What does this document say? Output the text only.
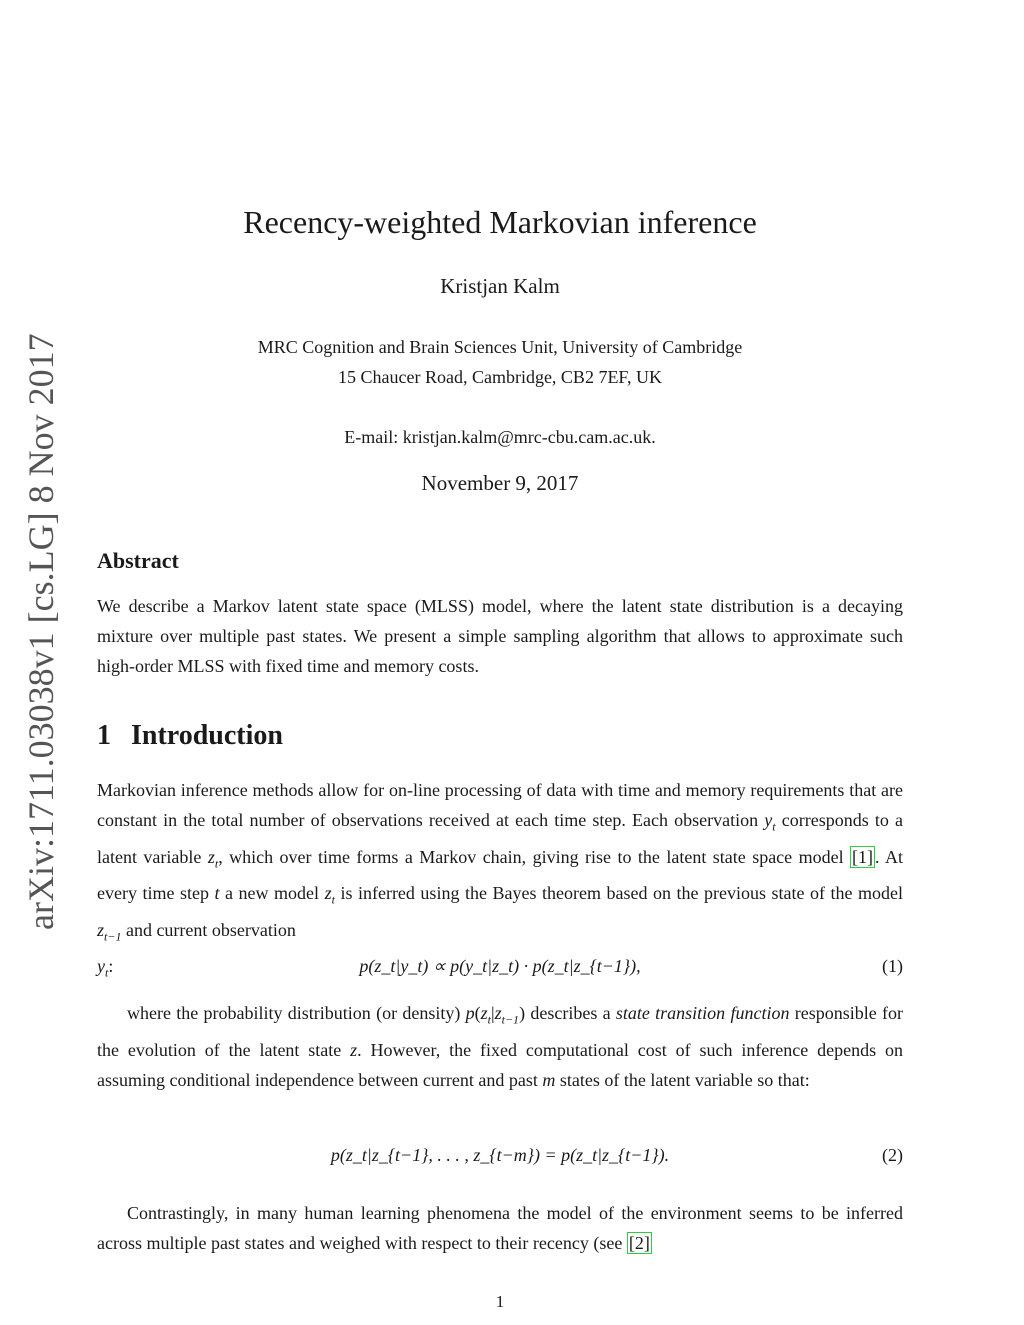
arXiv:1711.03038v1 [cs.LG] 8 Nov 2017
Recency-weighted Markovian inference
Kristjan Kalm
MRC Cognition and Brain Sciences Unit, University of Cambridge
15 Chaucer Road, Cambridge, CB2 7EF, UK
E-mail: kristjan.kalm@mrc-cbu.cam.ac.uk.
November 9, 2017
Abstract
We describe a Markov latent state space (MLSS) model, where the latent state distribution is a decaying mixture over multiple past states. We present a simple sampling algorithm that allows to approximate such high-order MLSS with fixed time and memory costs.
1 Introduction
Markovian inference methods allow for on-line processing of data with time and memory requirements that are constant in the total number of observations received at each time step. Each observation $y_t$ corresponds to a latent variable $z_t$, which over time forms a Markov chain, giving rise to the latent state space model [1] . At every time step t a new model $z_t$ is inferred using the Bayes theorem based on the previous state of the model $z_{t-1}$ and current observation
$y_t$:	p(z_t|y_t) ∝ p(y_t|z_t) · p(z_t|z_{t−1}),	(1)
where the probability distribution (or density) $p(z_t|z_{t-1})$ describes a state transition function responsible for the evolution of the latent state z. However, the fixed computational cost of such inference depends on assuming conditional independence between current and past m states of the latent variable so that:
p(z_t|z_{t−1}, . . . , z_{t−m}) = p(z_t|z_{t−1}).	(2)
Contrastingly, in many human learning phenomena the model of the environment seems to be inferred across multiple past states and weighed with respect to their recency (see [2]
1
